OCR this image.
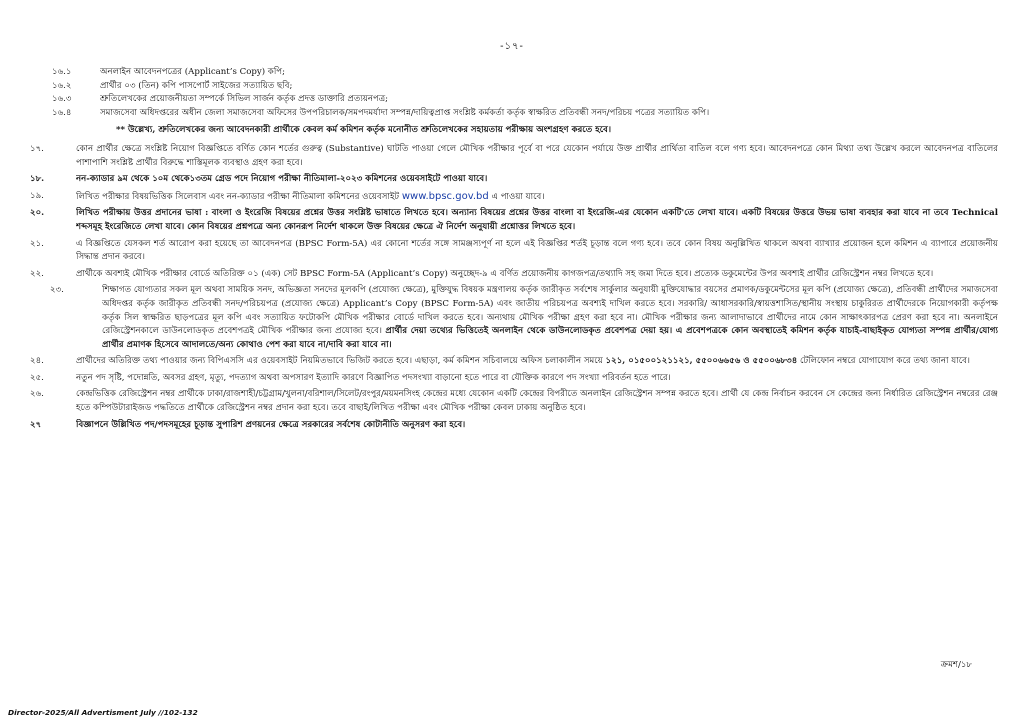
-১৭-
১৬.১	অনলাইন আবেদনপত্রের (Applicant’s Copy) কপি;
১৬.২	প্রার্থীর ০৩ (তিন) কপি পাসপোর্ট সাইজের সত্যায়িত ছবি;
১৬.৩	শ্রুতিলেখকের প্রয়োজনীয়তা সম্পর্কে সিভিল সার্জন কর্তৃক প্রদত্ত ডাক্তারি প্রত্যয়নপত্র;
১৬.৪	সমাজসেবা অধিদপ্তরের অধীন জেলা সমাজসেবা অফিসের উপপরিচালক/সমপদমর্যাদা সম্পন্ন/দায়িত্বপ্রাপ্ত সংশ্লিষ্ট কর্মকর্তা কর্তৃক স্বাক্ষরিত প্রতিবন্ধী সনদ/পরিচয় পত্রের সত্যায়িত কপি।
** উল্লেখ্য, শ্রুতিলেখকের জন্য আবেদনকারী প্রার্থীকে কেবল কর্ম কমিশন কর্তৃক মনোনীত শ্রুতিলেখকের সহায়তায় পরীক্ষায় অংশগ্রহণ করতে হবে।
১৭.	কোন প্রার্থীর ক্ষেত্রে সংশ্লিষ্ট নিয়োগ বিজ্ঞপ্তিতে বর্ণিত কোন শর্তের গুরুত্ব (Substantive) ঘাটতি পাওয়া গেলে মৌখিক পরীক্ষার পূর্বে বা পরে যেকোন পর্যায়ে উক্ত প্রার্থীর প্রার্থিতা বাতিল বলে গণ্য হবে। আবেদনপত্রে কোন মিথ্যা তথ্য উল্লেখ করলে আবেদনপত্র বাতিলের পাশাপাশি সংশ্লিষ্ট প্রার্থীর বিরুদ্ধে শাস্তিমূলক ব্যবস্থাও গ্রহণ করা হবে।
১৮.	নন-ক্যাডার ৯ম থেকে ১০ম থেকে১৩তম গ্রেড পদে নিয়োগ পরীক্ষা নীতিমালা-২০২৩ কমিশনের ওয়েবসাইটে পাওয়া যাবে।
১৯.	লিখিত পরীক্ষার বিষয়ভিত্তিক সিলেবাস এবং নন-ক্যাডার পরীক্ষা নীতিমালা কমিশনের ওয়েবসাইট www.bpsc.gov.bd এ পাওয়া যাবে।
২০.	লিখিত পরীক্ষায় উত্তর প্রদানের ভাষা : বাংলা ও ইংরেজি বিষয়ের প্রশ্নের উত্তর সংশ্লিষ্ট ভাষাতে লিখতে হবে। অন্যান্য বিষয়ের প্রশ্নের উত্তর বাংলা বা ইংরেজি-এর যেকোন একটি'তে লেখা যাবে। একটি বিষয়ের উত্তরে উভয় ভাষা ব্যবহার করা যাবে না তবে Technical শব্দসমূহ ইংরেজিতে লেখা যাবে। কোন বিষয়ের প্রশ্নপত্রে অন্য কোনরূপ নির্দেশ থাকলে উক্ত বিষয়ের ক্ষেত্রে ঐ নির্দেশ অনুযায়ী প্রশ্নোত্তর লিখতে হবে।
২১.	এ বিজ্ঞপ্তিতে যেসকল শর্ত আরোপ করা হয়েছে তা আবেদনপত্র (BPSC Form-5A) এর কোনো শর্তের সঙ্গে সামঞ্জস্যপূর্ণ না হলে এই বিজ্ঞপ্তির শর্তই চূড়ান্ত বলে গণ্য হবে। তবে কোন বিষয় অনুল্লিখিত থাকলে অথবা ব্যাখ্যার প্রয়োজন হলে কমিশন এ ব্যাপারে প্রয়োজনীয় সিদ্ধান্ত প্রদান করবে।
২২.	প্রার্থীকে অবশ্যই মৌখিক পরীক্ষার বোর্ডে অতিরিক্ত ০১ (এক) সেট BPSC Form-5A (Applicant’s Copy) অনুচ্ছেদ-৯ এ বর্ণিত প্রয়োজনীয় কাগজপত্র/তথ্যাদি সহ জমা দিতে হবে। প্রত্যেক ডকুমেন্টের উপর অবশ্যই প্রার্থীর রেজিস্ট্রেশন নম্বর লিখতে হবে।
২৩.	শিক্ষাগত যোগ্যতার সকল মূল অথবা সাময়িক সনদ, অভিজ্ঞতা সনদের মূলকপি (প্রযোজ্য ক্ষেত্রে), মুক্তিযুদ্ধ বিষয়ক মন্ত্রণালয় কর্তৃক জারীকৃত সর্বশেষ সার্কুলার অনুযায়ী মুক্তিযোদ্ধার বয়সের প্রমাণক/ডকুমেন্টসের মূল কপি (প্রযোজ্য ক্ষেত্রে), প্রতিবন্ধী প্রার্থীদের সমাজসেবা অধিদপ্তর কর্তৃক জারীকৃত প্রতিবন্ধী সনদ/পরিচয়পত্র (প্রযোজ্য ক্ষেত্রে) Applicant’s Copy (BPSC Form-5A) এবং জাতীয় পরিচয়পত্র অবশ্যই দাখিল করতে হবে। সরকারি/ আধাসরকারি/স্বায়ত্তশাসিত/স্থানীয় সংস্থায় চাকুরিরত প্রার্থীদেরকে নিয়োগকারী কর্তৃপক্ষ কর্তৃক সিল স্বাক্ষরিত ছাড়পত্রের মূল কপি এবং সত্যায়িত ফটোকপি মৌখিক পরীক্ষার বোর্ডে দাখিল করতে হবে। অন্যথায় মৌখিক পরীক্ষা গ্রহণ করা হবে না। মৌখিক পরীক্ষার জন্য আলাদাভাবে প্রার্থীদের নামে কোন সাক্ষাৎকারপত্র প্রেরণ করা হবে না। অনলাইনে রেজিস্ট্রেশনকালে ডাউনলোডকৃত প্রবেশপত্রই মৌখিক পরীক্ষার জন্য প্রযোজ্য হবে। প্রার্থীর দেয়া তথ্যের ভিত্তিতেই অনলাইন থেকে ডাউনলোডকৃত প্রবেশপত্র দেয়া হয়। এ প্রবেশপত্রকে কোন অবস্থাতেই কমিশন কর্তৃক যাচাই-বাছাইকৃত যোগ্যতা সম্পন্ন প্রার্থীর/যোগ্য প্রার্থীর প্রমাণক হিসেবে আদালতে/অন্য কোথাও পেশ করা যাবে না/দাবি করা যাবে না।
২৪.	প্রার্থীদের অতিরিক্ত তথ্য পাওয়ার জন্য বিপিএসসি এর ওয়েবসাইট নিয়মিতভাবে ভিজিট করতে হবে। এছাড়া, কর্ম কমিশন সচিবালয়ে অফিস চলাকালীন সময়ে ১২১, ০১৫০০১২১১২১, ৫৫০০৬৬৫৬ ও ৫৫০০৬৮৩৪ টেলিফোন নম্বরে যোগাযোগ করে তথ্য জানা যাবে।
২৫.	নতুন পদ সৃষ্টি, পদোন্নতি, অবসর গ্রহণ, মৃত্যু, পদত্যাগ অথবা অপসারণ ইত্যাদি কারণে বিজ্ঞাপিত পদসংখ্যা বাড়ানো হতে পারে বা যৌক্তিক কারণে পদ সংখ্যা পরিবর্তন হতে পারে।
২৬.	কেন্দ্রভিত্তিক রেজিস্ট্রেশন নম্বর প্রার্থীকে ঢাকা/রাজশাহী/চট্টগ্রাম/খুলনা/বরিশাল/সিলেট/রংপুর/ময়মনসিংহ কেন্দ্রের মধ্যে যেকোন একটি কেন্দ্রের বিপরীতে অনলাইন রেজিস্ট্রেশন সম্পন্ন করতে হবে। প্রার্থী যে কেন্দ্র নির্বাচন করবেন সে কেন্দ্রের জন্য নির্ধারিত রেজিস্ট্রেশন নম্বরের রেঞ্জ হতে কম্পিউটারাইজড পদ্ধতিতে প্রার্থীকে রেজিস্ট্রেশন নম্বর প্রদান করা হবে। তবে বাছাই/লিখিত পরীক্ষা এবং মৌখিক পরীক্ষা কেবল ঢাকায় অনুষ্ঠিত হবে।
২৭	বিজ্ঞাপনে উল্লিখিত পদ/পদসমূহের চূড়ান্ত সুপারিশ প্রণয়নের ক্ষেত্রে সরকারের সর্বশেষ কোটানীতি অনুসরণ করা হবে।
ক্রমশ/১৮
Director-2025/All Advertisment July //102-132
